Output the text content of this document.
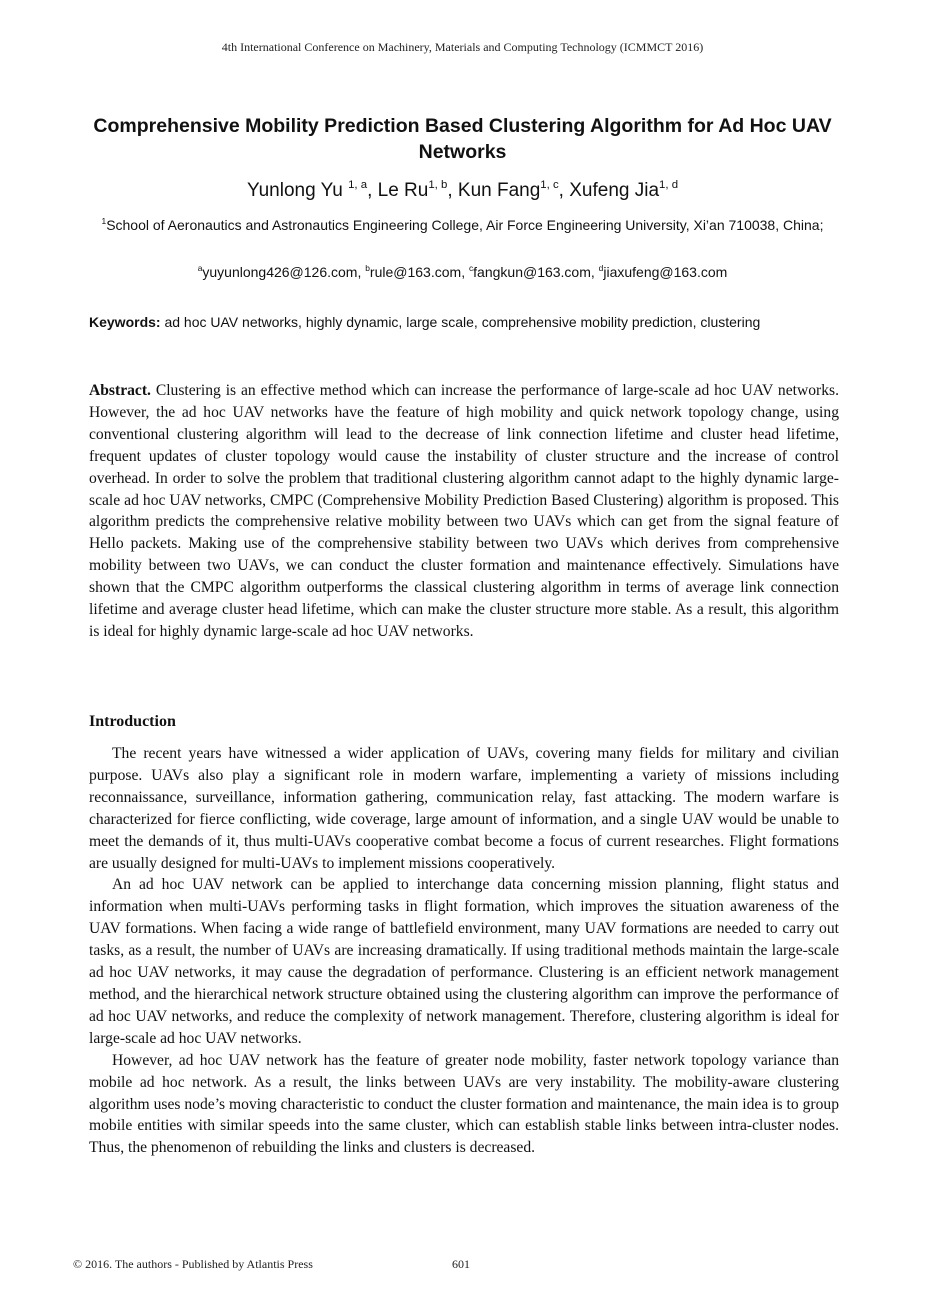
4th International Conference on Machinery, Materials and Computing Technology (ICMMCT 2016)
Comprehensive Mobility Prediction Based Clustering Algorithm for Ad Hoc UAV Networks
Yunlong Yu $^{1, a}$, Le Ru$^{1, b}$, Kun Fang$^{1, c}$, Xufeng Jia$^{1, d}$
$^1$School of Aeronautics and Astronautics Engineering College, Air Force Engineering University, Xi’an 710038, China;
$^a$yuyunlong426@126.com, $^b$rule@163.com, $^c$fangkun@163.com, $^d$jiaxufeng@163.com
Keywords: ad hoc UAV networks, highly dynamic, large scale, comprehensive mobility prediction, clustering

Abstract. Clustering is an effective method which can increase the performance of large-scale ad hoc UAV networks. However, the ad hoc UAV networks have the feature of high mobility and quick network topology change, using conventional clustering algorithm will lead to the decrease of link connection lifetime and cluster head lifetime, frequent updates of cluster topology would cause the instability of cluster structure and the increase of control overhead. In order to solve the problem that traditional clustering algorithm cannot adapt to the highly dynamic large-scale ad hoc UAV networks, CMPC (Comprehensive Mobility Prediction Based Clustering) algorithm is proposed. This algorithm predicts the comprehensive relative mobility between two UAVs which can get from the signal feature of Hello packets. Making use of the comprehensive stability between two UAVs which derives from comprehensive mobility between two UAVs, we can conduct the cluster formation and maintenance effectively. Simulations have shown that the CMPC algorithm outperforms the classical clustering algorithm in terms of average link connection lifetime and average cluster head lifetime, which can make the cluster structure more stable. As a result, this algorithm is ideal for highly dynamic large-scale ad hoc UAV networks.

Introduction

The recent years have witnessed a wider application of UAVs, covering many fields for military and civilian purpose. UAVs also play a significant role in modern warfare, implementing a variety of missions including reconnaissance, surveillance, information gathering, communication relay, fast attacking. The modern warfare is characterized for fierce conflicting, wide coverage, large amount of information, and a single UAV would be unable to meet the demands of it, thus multi-UAVs cooperative combat become a focus of current researches. Flight formations are usually designed for multi-UAVs to implement missions cooperatively.

An ad hoc UAV network can be applied to interchange data concerning mission planning, flight status and information when multi-UAVs performing tasks in flight formation, which improves the situation awareness of the UAV formations. When facing a wide range of battlefield environment, many UAV formations are needed to carry out tasks, as a result, the number of UAVs are increasing dramatically. If using traditional methods maintain the large-scale ad hoc UAV networks, it may cause the degradation of performance. Clustering is an efficient network management method, and the hierarchical network structure obtained using the clustering algorithm can improve the performance of ad hoc UAV networks, and reduce the complexity of network management. Therefore, clustering algorithm is ideal for large-scale ad hoc UAV networks.

However, ad hoc UAV network has the feature of greater node mobility, faster network topology variance than mobile ad hoc network. As a result, the links between UAVs are very instability. The mobility-aware clustering algorithm uses node’s moving characteristic to conduct the cluster formation and maintenance, the main idea is to group mobile entities with similar speeds into the same cluster, which can establish stable links between intra-cluster nodes. Thus, the phenomenon of rebuilding the links and clusters is decreased.

© 2016. The authors - Published by Atlantis Press	601
